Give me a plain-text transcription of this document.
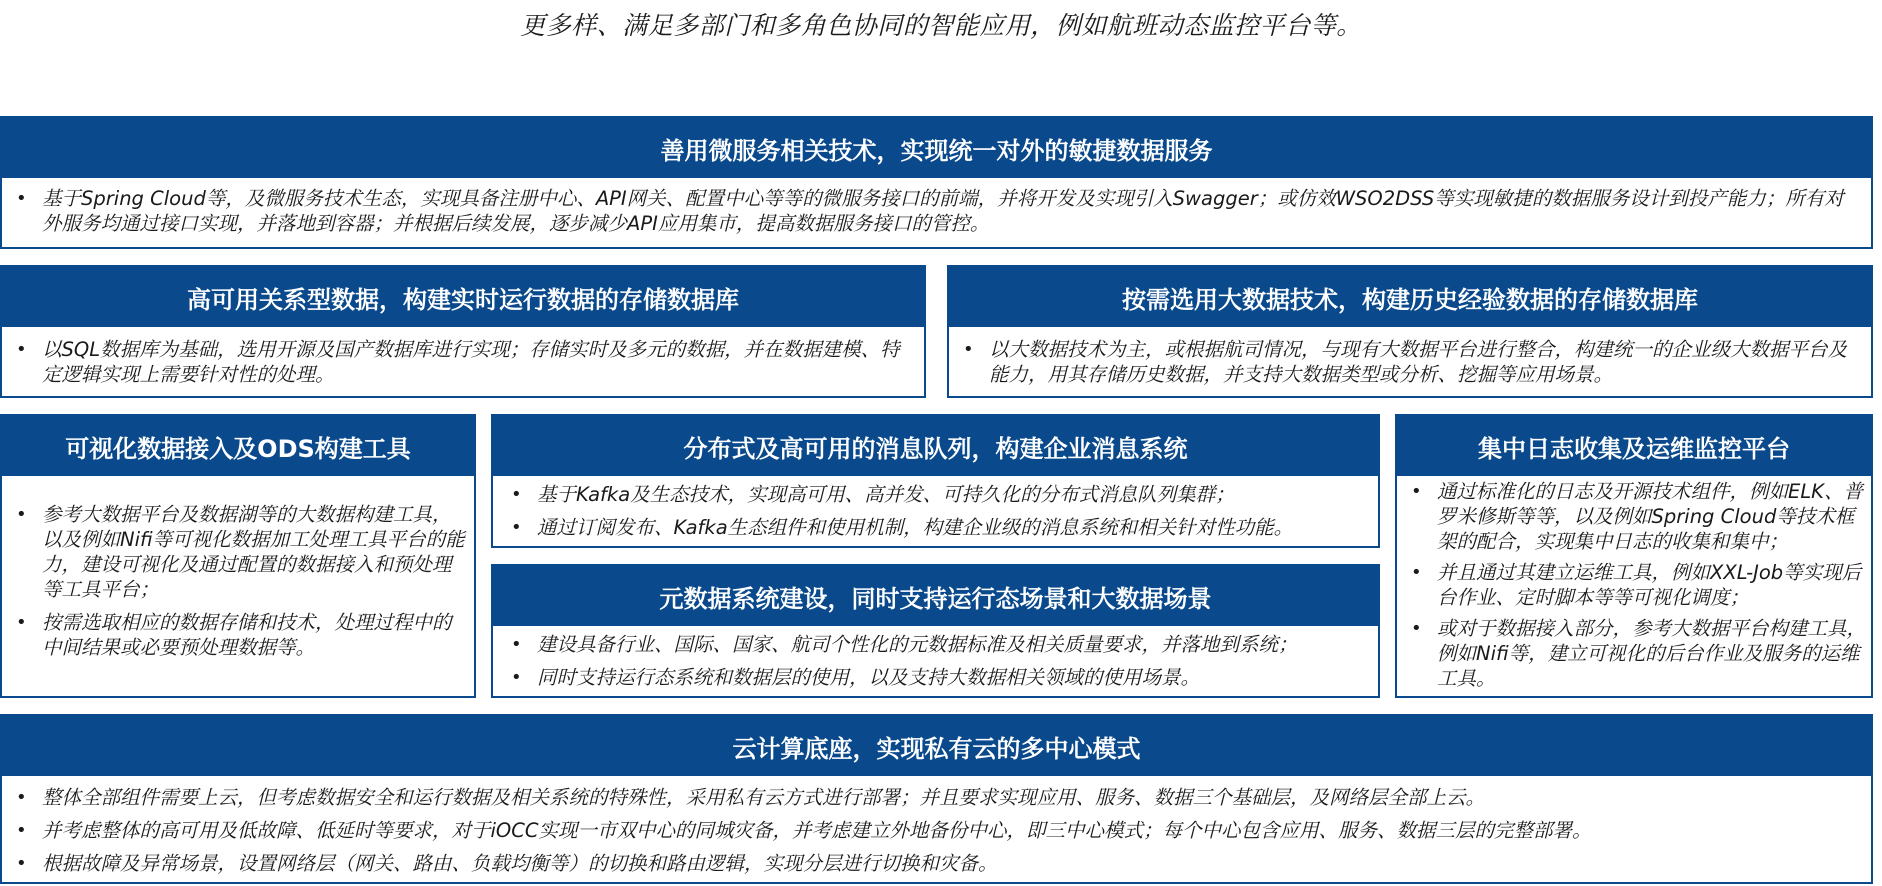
更多样、满足多部门和多角色协同的智能应用，例如航班动态监控平台等。
善用微服务相关技术，实现统一对外的敏捷数据服务
• 基于Spring Cloud等，及微服务技术生态，实现具备注册中心、API网关、配置中心等等的微服务接口的前端，并将开发及实现引入Swagger；或仿效WSO2DSS等实现敏捷的数据服务设计到投产能力；所有对外服务均通过接口实现，并落地到容器；并根据后续发展，逐步减少API应用集市，提高数据服务接口的管控。
高可用关系型数据，构建实时运行数据的存储数据库
• 以SQL数据库为基础，选用开源及国产数据库进行实现；存储实时及多元的数据，并在数据建模、特定逻辑实现上需要针对性的处理。
按需选用大数据技术，构建历史经验数据的存储数据库
• 以大数据技术为主，或根据航司情况，与现有大数据平台进行整合，构建统一的企业级大数据平台及能力，用其存储历史数据，并支持大数据类型或分析、挖掘等应用场景。
可视化数据接入及ODS构建工具
• 参考大数据平台及数据湖等的大数据构建工具，以及例如Nifi等可视化数据加工处理工具平台的能力，建设可视化及通过配置的数据接入和预处理等工具平台；
• 按需选取相应的数据存储和技术，处理过程中的中间结果或必要预处理数据等。
分布式及高可用的消息队列，构建企业消息系统
• 基于Kafka及生态技术，实现高可用、高并发、可持久化的分布式消息队列集群；
• 通过订阅发布、Kafka生态组件和使用机制，构建企业级的消息系统和相关针对性功能。
元数据系统建设，同时支持运行态场景和大数据场景
• 建设具备行业、国际、国家、航司个性化的元数据标准及相关质量要求，并落地到系统；
• 同时支持运行态系统和数据层的使用，以及支持大数据相关领域的使用场景。
集中日志收集及运维监控平台
• 通过标准化的日志及开源技术组件，例如ELK、普罗米修斯等等，以及例如Spring Cloud等技术框架的配合，实现集中日志的收集和集中；
• 并且通过其建立运维工具，例如XXL-Job等实现后台作业、定时脚本等等可视化调度；
• 或对于数据接入部分，参考大数据平台构建工具，例如Nifi等，建立可视化的后台作业及服务的运维工具。
云计算底座，实现私有云的多中心模式
• 整体全部组件需要上云，但考虑数据安全和运行数据及相关系统的特殊性，采用私有云方式进行部署；并且要求实现应用、服务、数据三个基础层，及网络层全部上云。
• 并考虑整体的高可用及低故障、低延时等要求，对于iOCC实现一市双中心的同城灾备，并考虑建立外地备份中心，即三中心模式；每个中心包含应用、服务、数据三层的完整部署。
• 根据故障及异常场景，设置网络层（网关、路由、负载均衡等）的切换和路由逻辑，实现分层进行切换和灾备。
